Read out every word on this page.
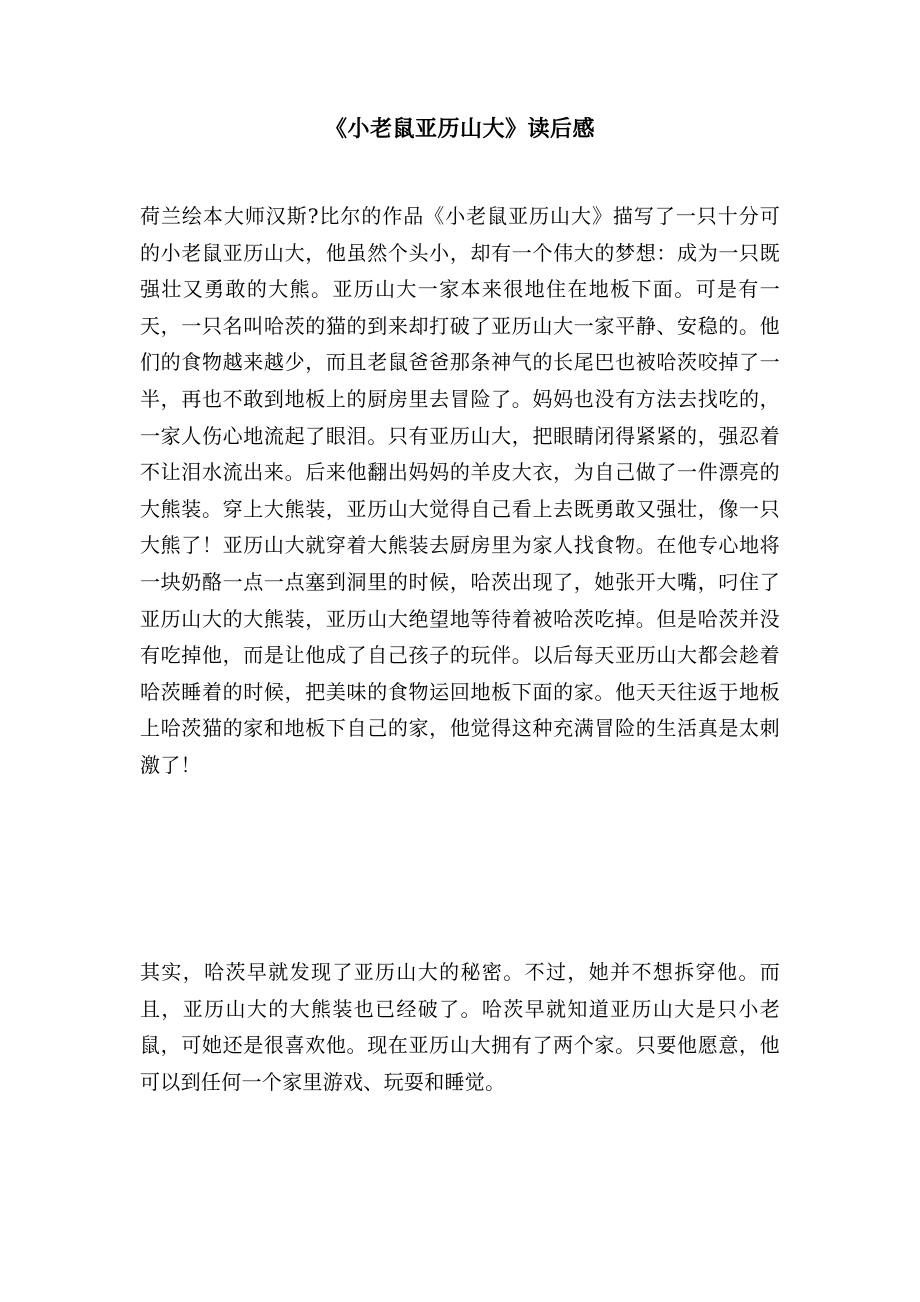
《小老鼠亚历山大》读后感

荷兰绘本大师汉斯?比尔的作品《小老鼠亚历山大》描写了一只十分可的小老鼠亚历山大，他虽然个头小，却有一个伟大的梦想：成为一只既强壮又勇敢的大熊。亚历山大一家本来很地住在地板下面。可是有一天，一只名叫哈茨的猫的到来却打破了亚历山大一家平静、安稳的。他们的食物越来越少，而且老鼠爸爸那条神气的长尾巴也被哈茨咬掉了一半，再也不敢到地板上的厨房里去冒险了。妈妈也没有方法去找吃的，一家人伤心地流起了眼泪。只有亚历山大，把眼睛闭得紧紧的，强忍着不让泪水流出来。后来他翻出妈妈的羊皮大衣，为自己做了一件漂亮的大熊装。穿上大熊装，亚历山大觉得自己看上去既勇敢又强壮，像一只大熊了！亚历山大就穿着大熊装去厨房里为家人找食物。在他专心地将一块奶酪一点一点塞到洞里的时候，哈茨出现了，她张开大嘴，叼住了亚历山大的大熊装，亚历山大绝望地等待着被哈茨吃掉。但是哈茨并没有吃掉他，而是让他成了自己孩子的玩伴。以后每天亚历山大都会趁着哈茨睡着的时候，把美味的食物运回地板下面的家。他天天往返于地板上哈茨猫的家和地板下自己的家，他觉得这种充满冒险的生活真是太刺激了！

其实，哈茨早就发现了亚历山大的秘密。不过，她并不想拆穿他。而且，亚历山大的大熊装也已经破了。哈茨早就知道亚历山大是只小老鼠，可她还是很喜欢他。现在亚历山大拥有了两个家。只要他愿意，他可以到任何一个家里游戏、玩耍和睡觉。
